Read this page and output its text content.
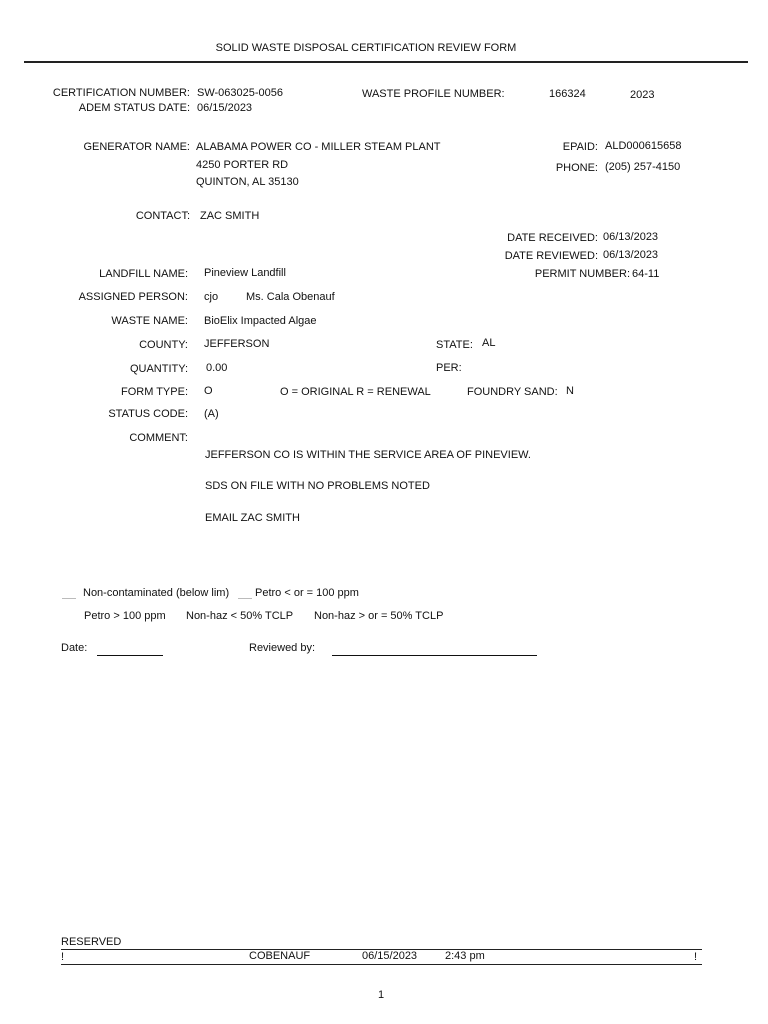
SOLID WASTE DISPOSAL CERTIFICATION REVIEW FORM
CERTIFICATION NUMBER: SW-063025-0056
ADEM STATUS DATE: 06/15/2023
WASTE PROFILE NUMBER:	166324	2023
GENERATOR NAME: ALABAMA POWER CO - MILLER STEAM PLANT
4250 PORTER RD
QUINTON, AL 35130
EPAID: ALD000615658
PHONE: (205) 257-4150
CONTACT: ZAC SMITH
DATE RECEIVED: 06/13/2023
DATE REVIEWED: 06/13/2023
PERMIT NUMBER: 64-11
LANDFILL NAME: Pineview Landfill
ASSIGNED PERSON: cjo	Ms. Cala Obenauf
WASTE NAME: BioElix Impacted Algae
COUNTY: JEFFERSON	STATE: AL
QUANTITY: 0.00	PER:
FORM TYPE: O	O = ORIGINAL R = RENEWAL	FOUNDRY SAND: N
STATUS CODE: (A)
COMMENT:
JEFFERSON CO IS WITHIN THE SERVICE AREA OF PINEVIEW.
SDS ON FILE WITH NO PROBLEMS NOTED
EMAIL ZAC SMITH
Non-contaminated (below lim) Petro < or = 100 ppm
Petro > 100 ppm Non-haz < 50% TCLP Non-haz > or = 50% TCLP
Date:	Reviewed by:
RESERVED
!	COBENAUF	06/15/2023	2:43 pm	!
1
